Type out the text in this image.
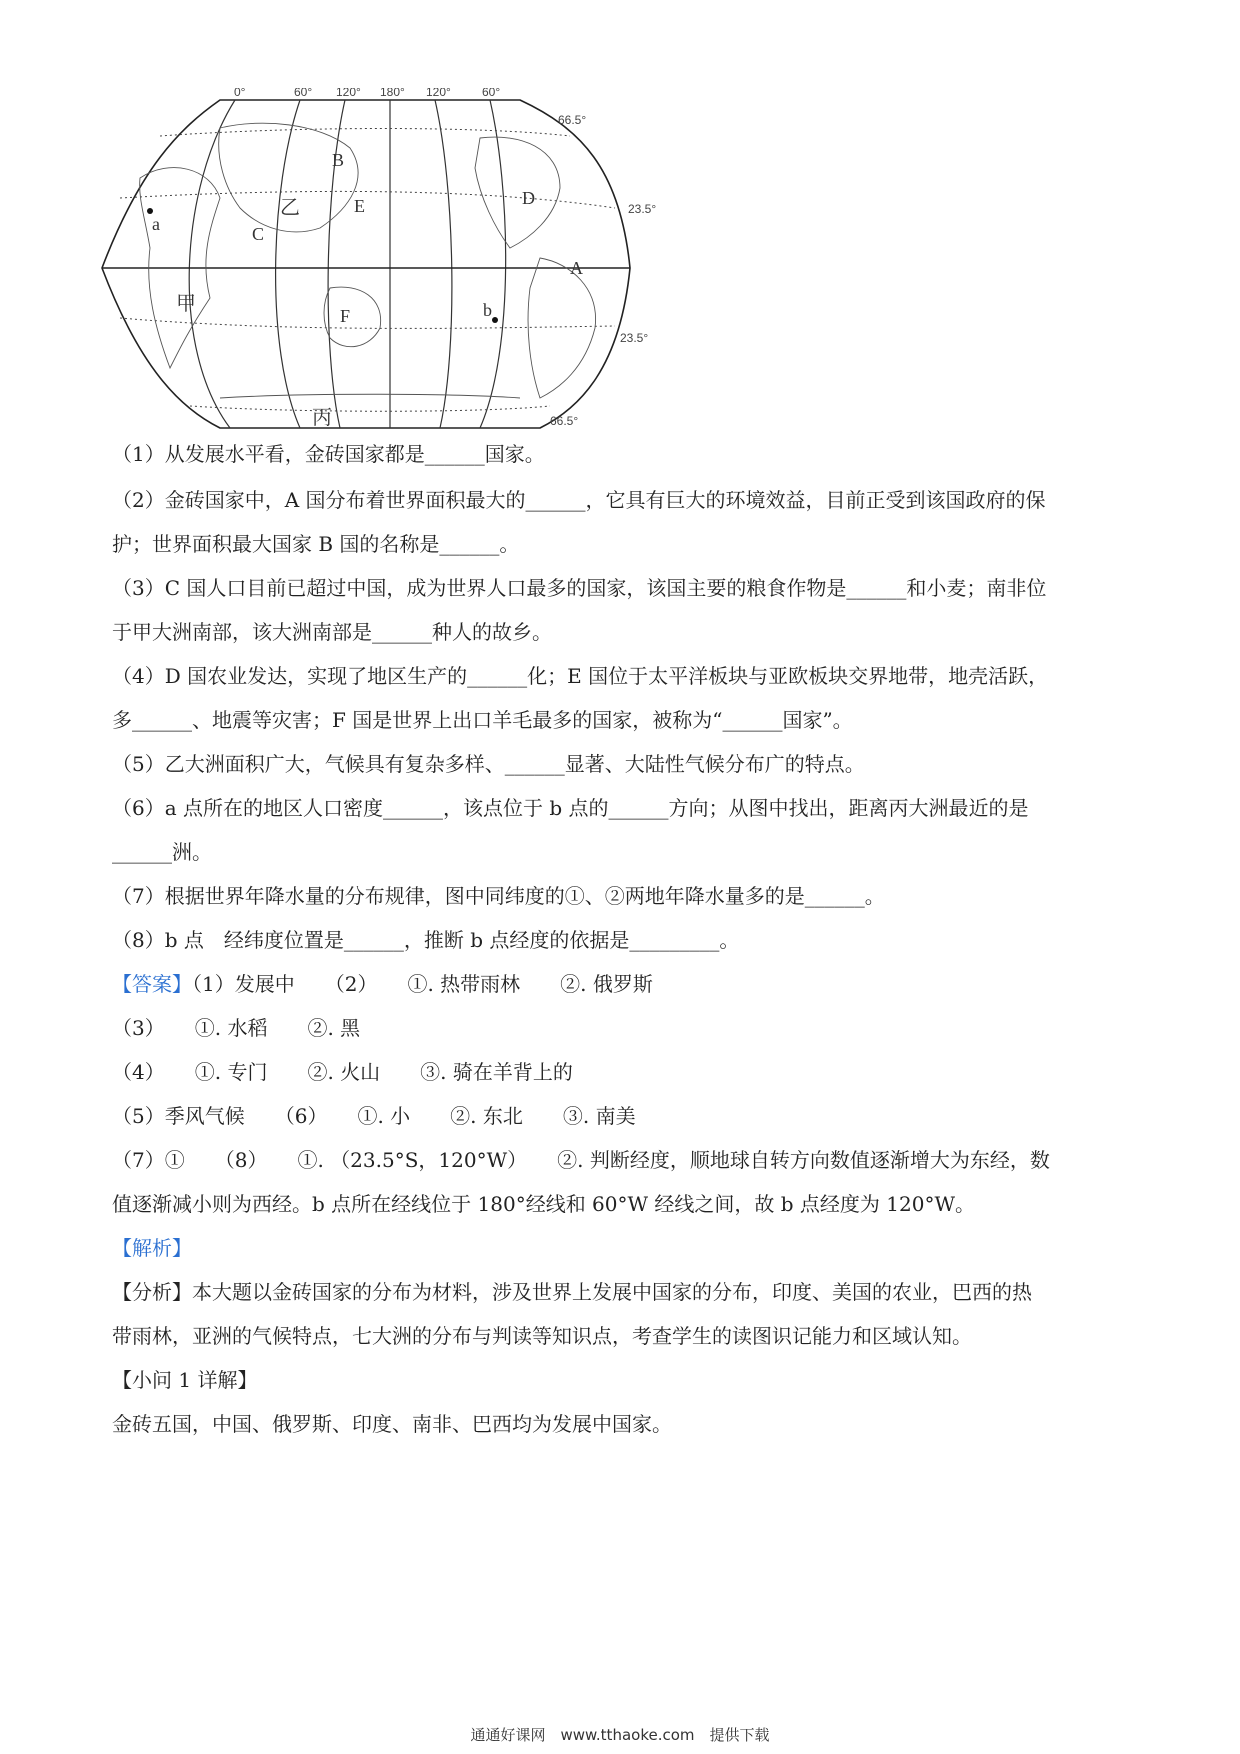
0°	60° 120° 180° 120°	60°
66.5°
23.5°
23.5°
66.5°
B
E
乙
C
D
A
a
甲
F	b
丙

（1）从发展水平看，金砖国家都是______国家。

（2）金砖国家中，A 国分布着世界面积最大的______，它具有巨大的环境效益，目前正受到该国政府的保

护；世界面积最大国家 B 国的名称是______。

（3）C 国人口目前已超过中国，成为世界人口最多的国家，该国主要的粮食作物是______和小麦；南非位

于甲大洲南部，该大洲南部是______种人的故乡。

（4）D 国农业发达，实现了地区生产的______化；E 国位于太平洋板块与亚欧板块交界地带，地壳活跃，

多______、地震等灾害；F 国是世界上出口羊毛最多的国家，被称为“______国家”。

（5）乙大洲面积广大，气候具有复杂多样、______显著、大陆性气候分布广的特点。

（6）a 点所在的地区人口密度______，该点位于 b 点的______方向；从图中找出，距离丙大洲最近的是

______洲。

（7）根据世界年降水量的分布规律，图中同纬度的①、②两地年降水量多的是______。

（8）b 点　经纬度位置是______，推断 b 点经度的依据是_________。

【答案】（1）发展中　　（2）　　①. 热带雨林　　②. 俄罗斯

（3）　　①. 水稻　　②. 黑

（4）　　①. 专门　　②. 火山　　③. 骑在羊背上的

（5）季风气候　　（6）　　①. 小　　②. 东北　　③. 南美

（7）①　　（8）　　①. （23.5°S，120°W）　　②. 判断经度，顺地球自转方向数值逐渐增大为东经，数

值逐渐减小则为西经。b 点所在经线位于 180°经线和 60°W 经线之间，故 b 点经度为 120°W。

【解析】

【分析】本大题以金砖国家的分布为材料，涉及世界上发展中国家的分布，印度、美国的农业，巴西的热

带雨林，亚洲的气候特点，七大洲的分布与判读等知识点，考查学生的读图识记能力和区域认知。

【小问 1 详解】

金砖五国，中国、俄罗斯、印度、南非、巴西均为发展中国家。

通通好课网　www.tthaoke.com　提供下载
